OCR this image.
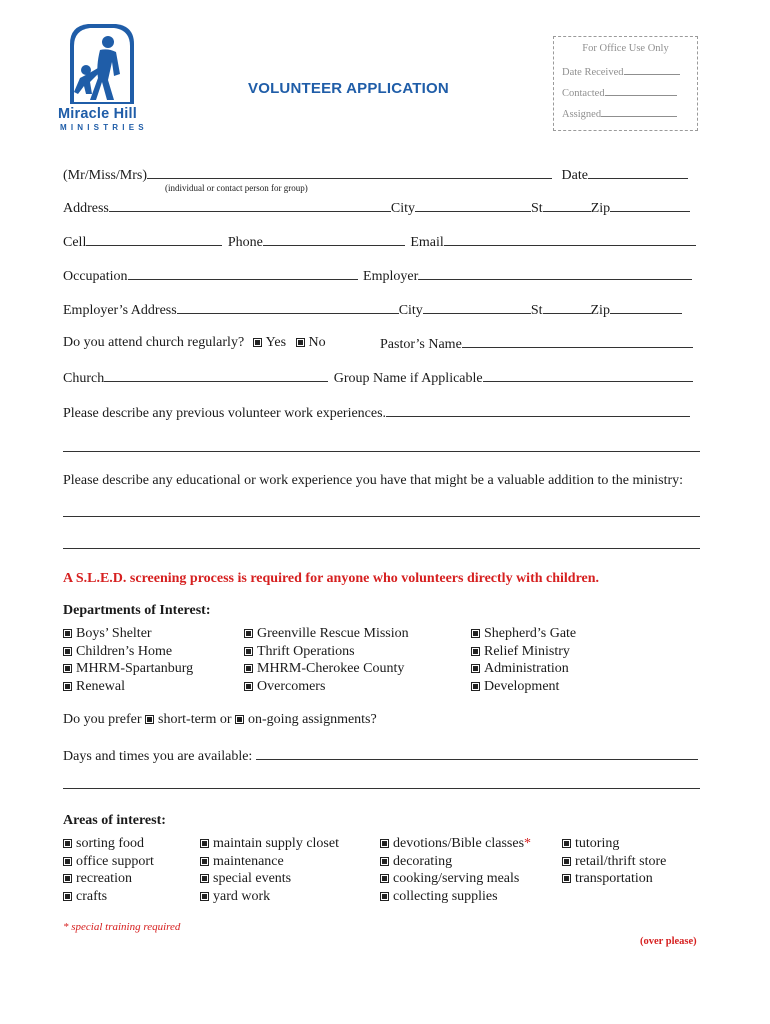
Miracle Hill
MINISTRIES
VOLUNTEER APPLICATION
For Office Use Only
Date Received
Contacted
Assigned
(Mr/Miss/Mrs)	Date
(individual or contact person for group)
Address	City	St	Zip
Cell	Phone	Email
Occupation	Employer
Employer’s Address	City	St	Zip
Do you attend church regularly? Yes No	Pastor’s Name
Church	Group Name if Applicable
Please describe any previous volunteer work experiences.
Please describe any educational or work experience you have that might be a valuable addition to the ministry:
A S.L.E.D. screening process is required for anyone who volunteers directly with children.
Departments of Interest:
Boys’ Shelter
Children’s Home
MHRM-Spartanburg
Renewal
Greenville Rescue Mission
Thrift Operations
MHRM-Cherokee County
Overcomers
Shepherd’s Gate
Relief Ministry
Administration
Development
Do you prefer short-term or on-going assignments?
Days and times you are available:
Areas of interest:
sorting food
office support
recreation
crafts
maintain supply closet
maintenance
special events
yard work
devotions/Bible classes*
decorating
cooking/serving meals
collecting supplies
tutoring
retail/thrift store
transportation
* special training required
(over please)
